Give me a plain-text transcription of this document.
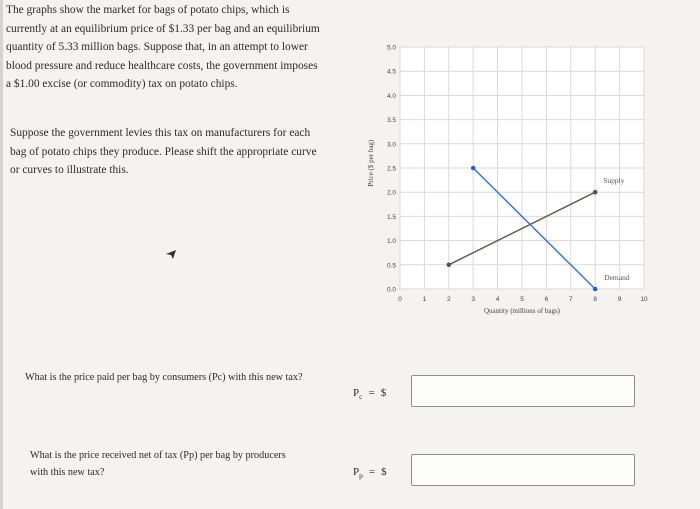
The graphs show the market for bags of potato chips, which is currently at an equilibrium price of $1.33 per bag and an equilibrium quantity of 5.33 million bags. Suppose that, in an attempt to lower blood pressure and reduce healthcare costs, the government imposes a $1.00 excise (or commodity) tax on potato chips.

Suppose the government levies this tax on manufacturers for each bag of potato chips they produce. Please shift the appropriate curve or curves to illustrate this.

0	1	2	3	4	5	6	7	8	9	10
0.0
0.5
1.0
1.5
2.0
2.5
3.0
3.5
4.0
4.5
5.0
Quantity (millions of bags)
Price ($ per bag)	Supply
Demand

What is the price paid per bag by consumers (Pc) with this new tax?

$P_c$ = $

What is the price received net of tax (Pp) per bag by producers with this new tax?	$P_p$ = $
